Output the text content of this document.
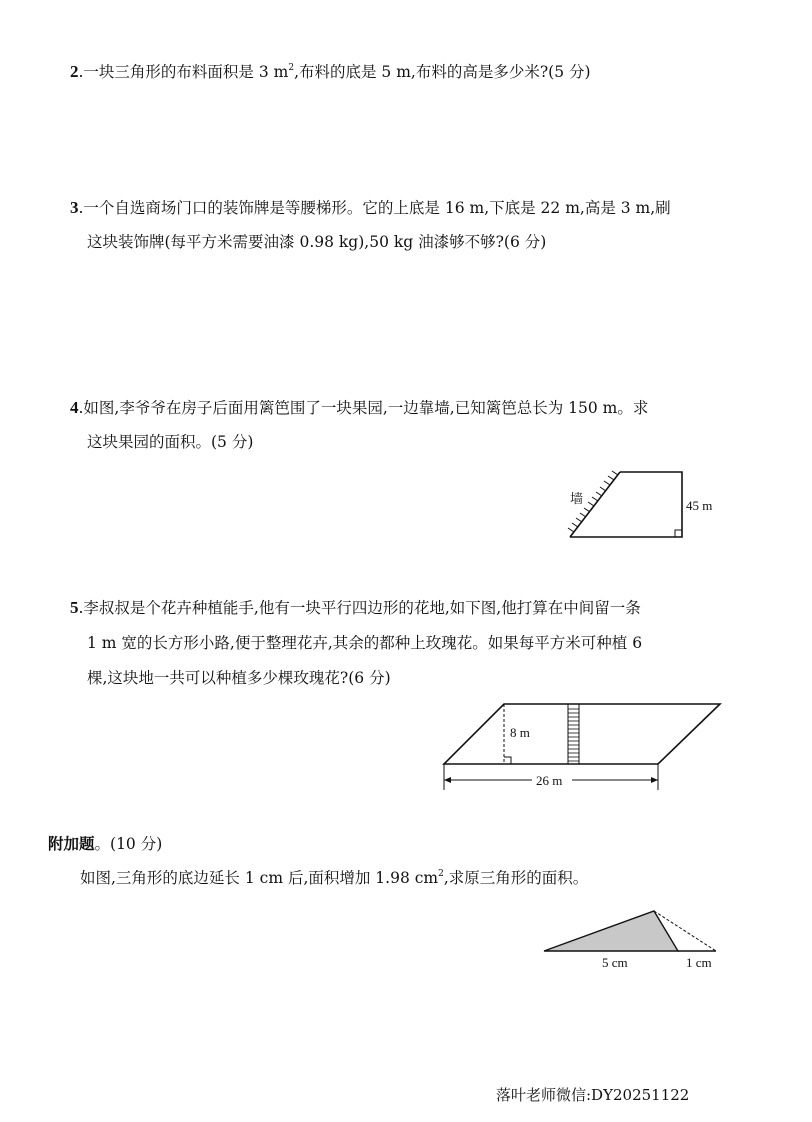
2.一块三角形的布料面积是 3 $m^2$,布料的底是 5 m,布料的高是多少米?(5 分)
3.一个自选商场门口的装饰牌是等腰梯形。它的上底是 16 m,下底是 22 m,高是 3 m,刷
这块装饰牌(每平方米需要油漆 0.98 kg),50 kg 油漆够不够?(6 分)
4.如图,李爷爷在房子后面用篱笆围了一块果园,一边靠墙,已知篱笆总长为 150 m。求
这块果园的面积。(5 分)
墙	45 m
5.李叔叔是个花卉种植能手,他有一块平行四边形的花地,如下图,他打算在中间留一条
1 m 宽的长方形小路,便于整理花卉,其余的都种上玫瑰花。如果每平方米可种植 6
棵,这块地一共可以种植多少棵玫瑰花?(6 分)
8 m
26 m
附加题。(10 分)
如图,三角形的底边延长 1 cm 后,面积增加 1.98 $cm^2$,求原三角形的面积。
5 cm	1 cm
落叶老师微信:DY20251122
